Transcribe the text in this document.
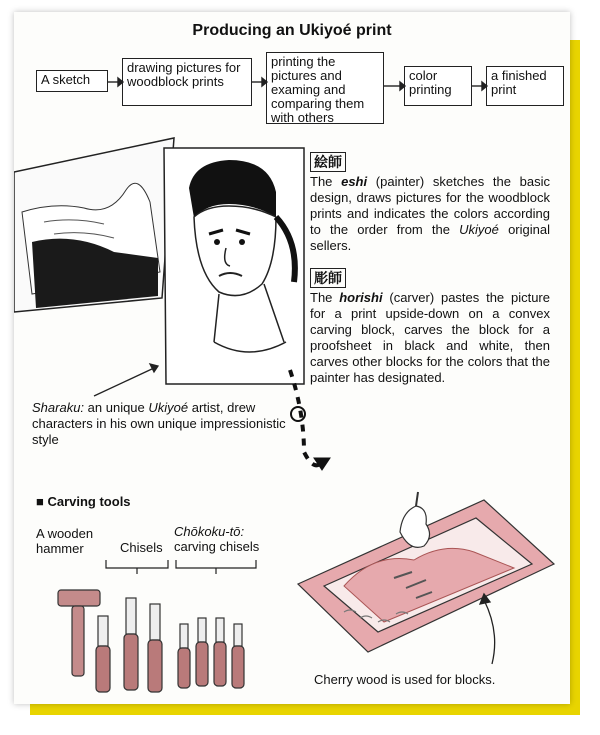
Producing an Ukiyoé print
A sketch
drawing pictures for woodblock prints
printing the pictures and examing and comparing them with others
color printing
a finished print
絵師
The eshi (painter) sketches the basic design, draws pictures for the woodblock prints and indicates the colors according to the order from the Ukiyoé original sellers.
彫師
The horishi (carver) pastes the picture for a print upside-down on a convex carving block, carves the block for a proofsheet in black and white, then carves other blocks for the colors that the painter has designated.
Sharaku: an unique Ukiyoé artist, drew characters in his own unique impressionistic style
■ Carving tools
A wooden hammer	Chisels
Chōkoku-tō:
carving chisels
Cherry wood is used for blocks.
